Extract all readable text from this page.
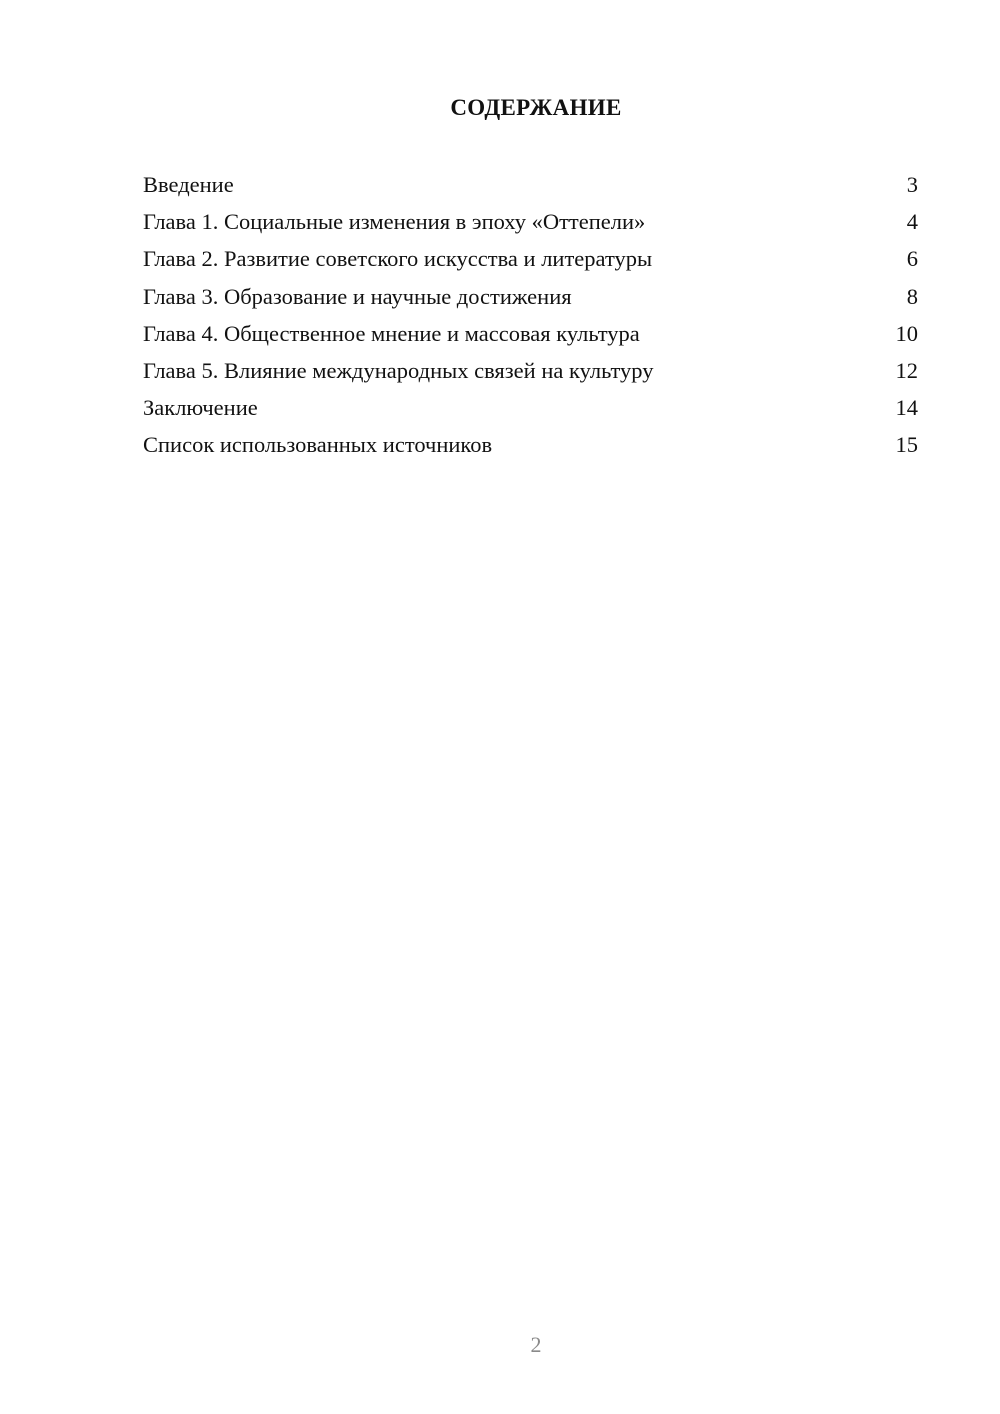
СОДЕРЖАНИЕ
Введение	3
Глава 1. Социальные изменения в эпоху «Оттепели»	4
Глава 2. Развитие советского искусства и литературы	6
Глава 3. Образование и научные достижения	8
Глава 4. Общественное мнение и массовая культура	10
Глава 5. Влияние международных связей на культуру	12
Заключение	14
Список использованных источников	15
2
